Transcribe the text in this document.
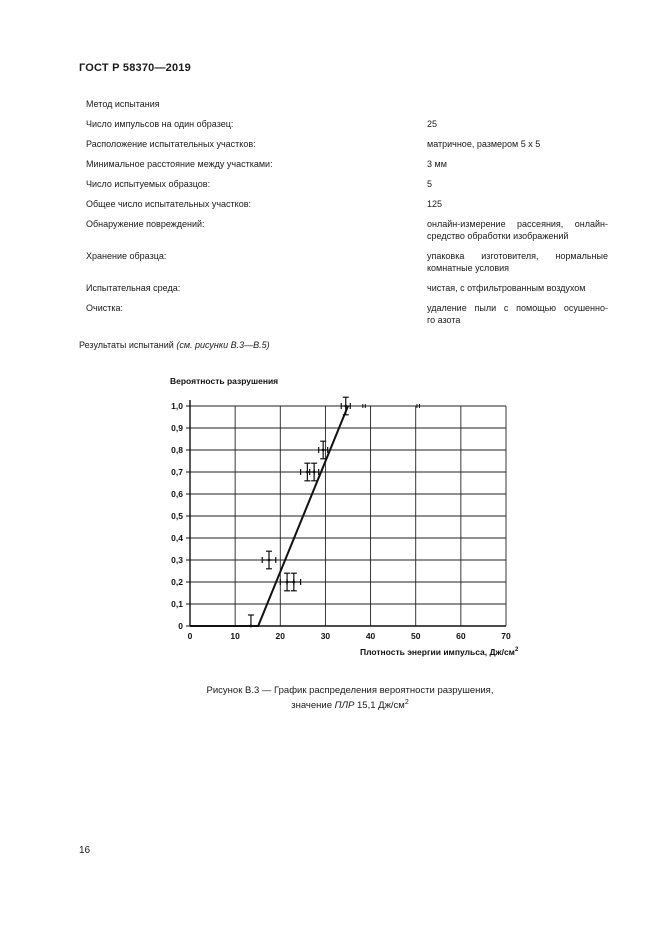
ГОСТ Р 58370—2019
Метод испытания
Число импульсов на один образец:	25
Расположение испытательных участков:	матричное, размером 5 х 5
Минимальное расстояние между участками:	3 мм
Число испытуемых образцов:	5
Общее число испытательных участков:	125
Обнаружение повреждений:	онлайн-измерение рассеяния, онлайн-
средство обработки изображений
Хранение образца:	упаковка изготовителя, нормальные
комнатные условия
Испытательная среда:	чистая, с отфильтрованным воздухом
Очистка:	удаление пыли с помощью осушенно-
го азота
Результаты испытаний (см. рисунки В.3—В.5)
0	10	20	30	40	50	60	70
0
0,1
0,2
0,3
0,4
0,5
0,6
0,7
0,8
0,9
1,0
Вероятность разрушения
Плотность энергии импульса, $Дж/см^2$
Рисунок В.3 — График распределения вероятности разрушения,
значение ПЛР 15,1 $Дж/см^2$
16
